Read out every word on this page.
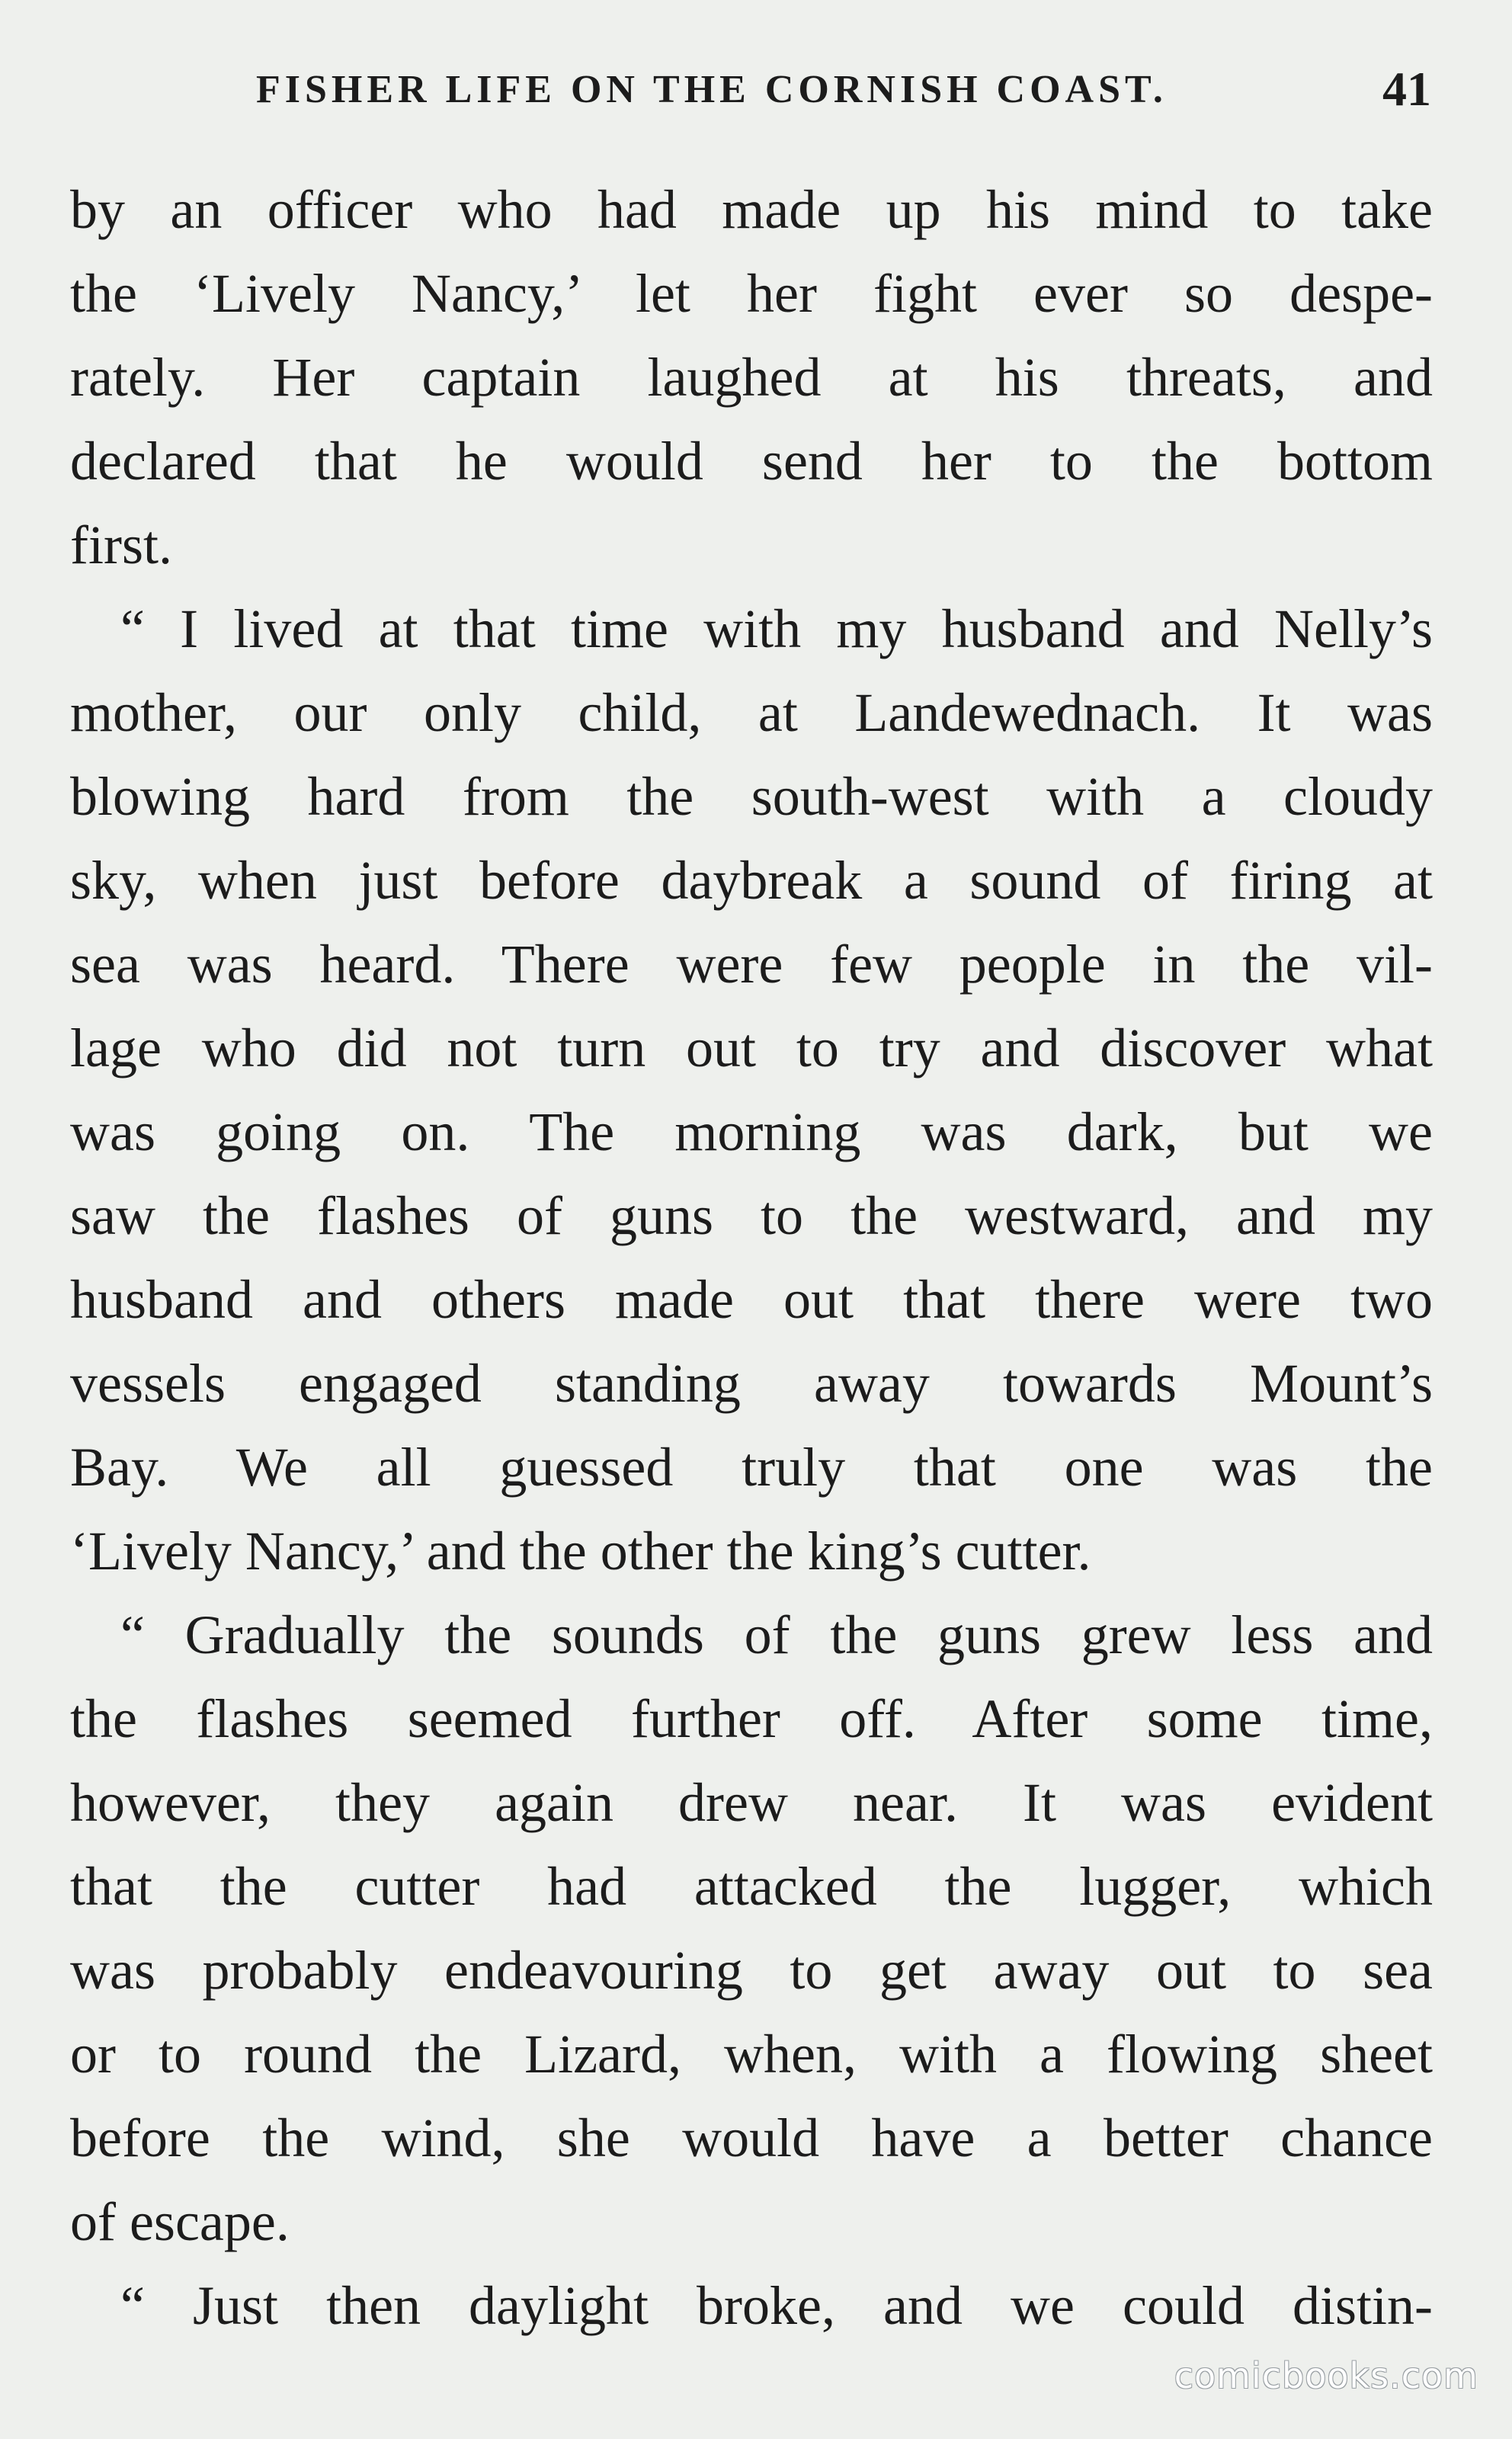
FISHER LIFE ON THE CORNISH COAST.	41
by an officer who had made up his mind to take
the ‘Lively Nancy,’ let her fight ever so despe-
rately. Her captain laughed at his threats, and
declared that he would send her to the bottom
first.
“ I lived at that time with my husband and Nelly’s
mother, our only child, at Landewednach. It was
blowing hard from the south-west with a cloudy
sky, when just before daybreak a sound of firing at
sea was heard. There were few people in the vil-
lage who did not turn out to try and discover what
was going on. The morning was dark, but we
saw the flashes of guns to the westward, and my
husband and others made out that there were two
vessels engaged standing away towards Mount’s
Bay. We all guessed truly that one was the
‘Lively Nancy,’ and the other the king’s cutter.
“ Gradually the sounds of the guns grew less and
the flashes seemed further off. After some time,
however, they again drew near. It was evident
that the cutter had attacked the lugger, which
was probably endeavouring to get away out to sea
or to round the Lizard, when, with a flowing sheet
before the wind, she would have a better chance
of escape.
“ Just then daylight broke, and we could distin-
comicbooks.com
